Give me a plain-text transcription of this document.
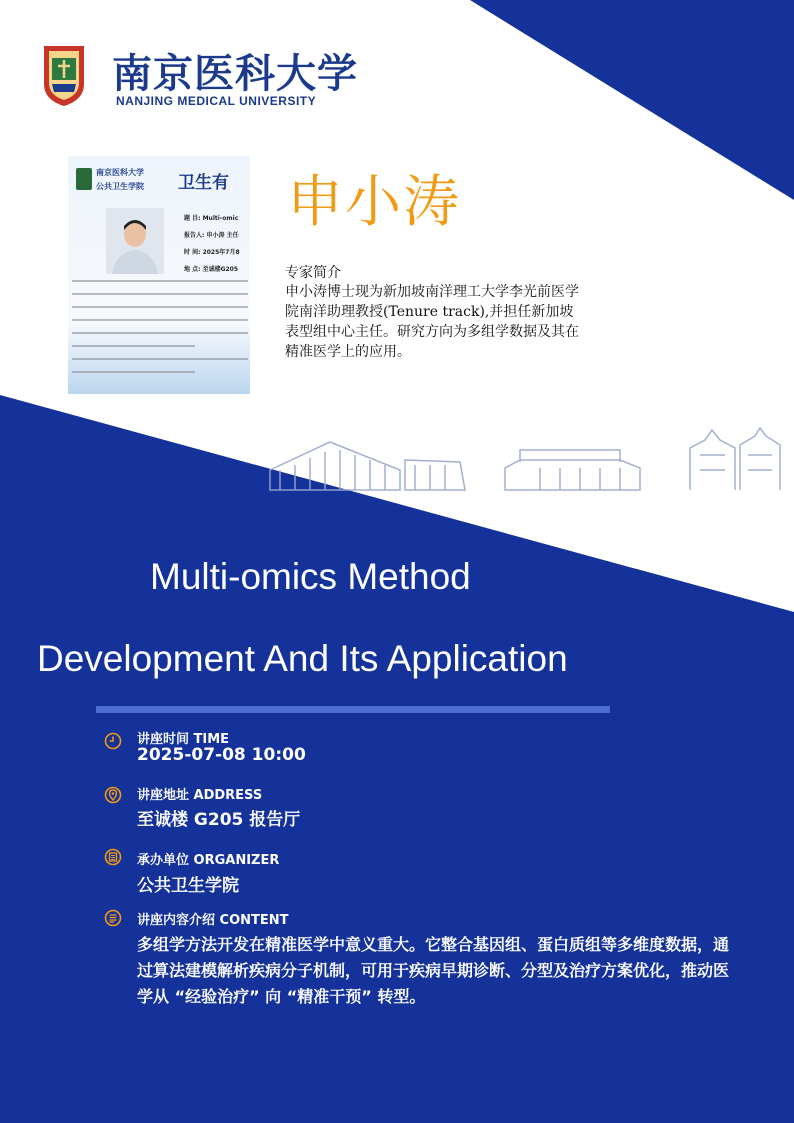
南京医科大学
NANJING MEDICAL UNIVERSITY
南京医科大学
公共卫生学院 卫生有
题 目: Multi-omic
报告人: 申小涛 主任
时 间: 2025年7月8
地 点: 至诚楼G205
申小涛
专家简介
申小涛博士现为新加坡南洋理工大学李光前医学院南洋助理教授(Tenure track),并担任新加坡表型组中心主任。研究方向为多组学数据及其在精准医学上的应用。
Multi-omics Method
Development And Its Application
讲座时间 TIME
2025-07-08 10:00
讲座地址 ADDRESS
至诚楼 G205 报告厅
承办单位 ORGANIZER
公共卫生学院
讲座内容介绍 CONTENT
多组学方法开发在精准医学中意义重大。它整合基因组、蛋白质组等多维度数据，通过算法建模解析疾病分子机制，可用于疾病早期诊断、分型及治疗方案优化，推动医学从 “经验治疗” 向 “精准干预” 转型。
